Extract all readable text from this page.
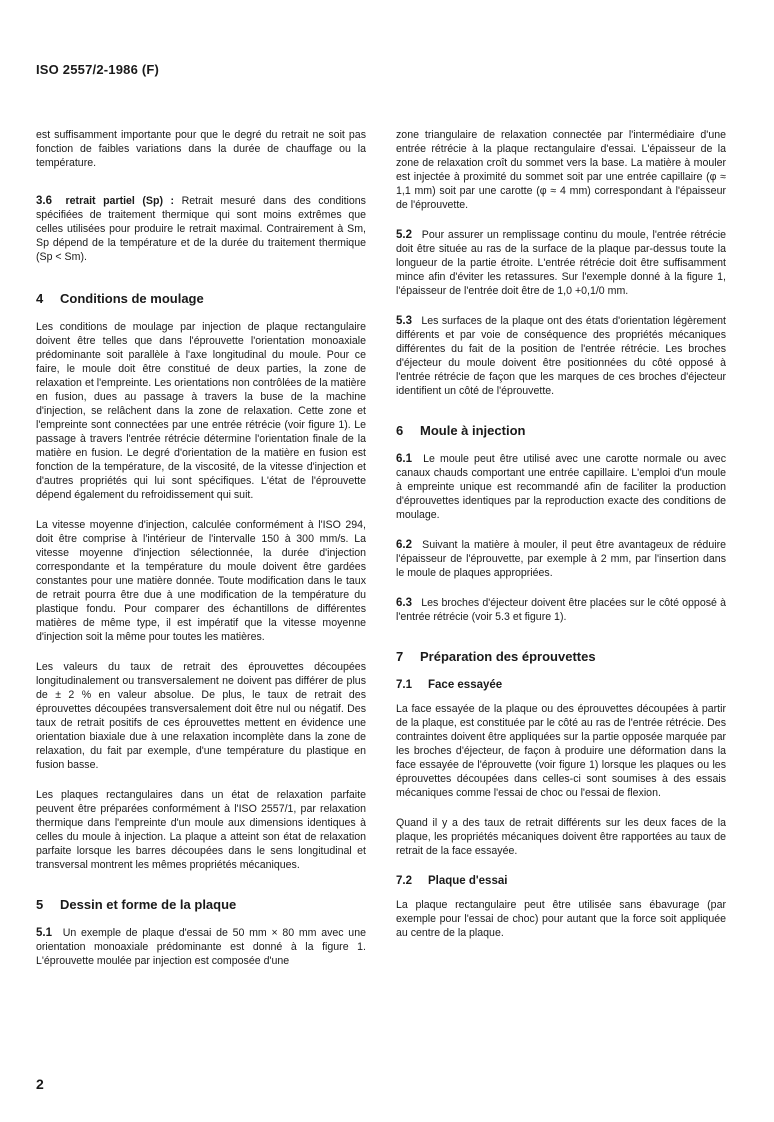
ISO 2557/2-1986 (F)

est suffisamment importante pour que le degré du retrait ne soit pas fonction de faibles variations dans la durée de chauffage ou la température.

3.6 retrait partiel (Sp) : Retrait mesuré dans des conditions spécifiées de traitement thermique qui sont moins extrêmes que celles utilisées pour produire le retrait maximal. Contrairement à Sm, Sp dépend de la température et de la durée du traitement thermique (Sp < Sm).

4 Conditions de moulage

Les conditions de moulage par injection de plaque rectangulaire doivent être telles que dans l'éprouvette l'orientation monoaxiale prédominante soit parallèle à l'axe longitudinal du moule. Pour ce faire, le moule doit être constitué de deux parties, la zone de relaxation et l'empreinte. Les orientations non contrôlées de la matière en fusion, dues au passage à travers la buse de la machine d'injection, se relâchent dans la zone de relaxation. Cette zone et l'empreinte sont connectées par une entrée rétrécie (voir figure 1). Le passage à travers l'entrée rétrécie détermine l'orientation finale de la matière en fusion. Le degré d'orientation de la matière en fusion est fonction de la température, de la viscosité, de la vitesse d'injection et d'autres propriétés qui lui sont spécifiques. L'état de l'éprouvette dépend également du refroidissement qui suit.

La vitesse moyenne d'injection, calculée conformément à l'ISO 294, doit être comprise à l'intérieur de l'intervalle 150 à 300 mm/s. La vitesse moyenne d'injection sélectionnée, la durée d'injection correspondante et la température du moule doivent être gardées constantes pour une matière donnée. Toute modification dans le taux de retrait pourra être due à une modification de la température du plastique fondu. Pour comparer des échantillons de différentes matières de même type, il est impératif que la vitesse moyenne d'injection soit la même pour toutes les matières.

Les valeurs du taux de retrait des éprouvettes découpées longitudinalement ou transversalement ne doivent pas différer de plus de ± 2 % en valeur absolue. De plus, le taux de retrait des éprouvettes découpées transversalement doit être nul ou négatif. Des taux de retrait positifs de ces éprouvettes mettent en évidence une orientation biaxiale due à une relaxation incomplète dans la zone de relaxation, du fait par exemple, d'une température du plastique en fusion basse.

Les plaques rectangulaires dans un état de relaxation parfaite peuvent être préparées conformément à l'ISO 2557/1, par relaxation thermique dans l'empreinte d'un moule aux dimensions identiques à celles du moule à injection. La plaque a atteint son état de relaxation parfaite lorsque les barres découpées dans le sens longitudinal et transversal montrent les mêmes propriétés mécaniques.

5 Dessin et forme de la plaque

5.1 Un exemple de plaque d'essai de 50 mm × 80 mm avec une orientation monoaxiale prédominante est donné à la figure 1. L'éprouvette moulée par injection est composée d'une

zone triangulaire de relaxation connectée par l'intermédiaire d'une entrée rétrécie à la plaque rectangulaire d'essai. L'épaisseur de la zone de relaxation croît du sommet vers la base. La matière à mouler est injectée à proximité du sommet soit par une entrée capillaire (φ ≈ 1,1 mm) soit par une carotte (φ ≈ 4 mm) correspondant à l'épaisseur de l'éprouvette.

5.2 Pour assurer un remplissage continu du moule, l'entrée rétrécie doit être située au ras de la surface de la plaque par-dessus toute la longueur de la partie étroite. L'entrée rétrécie doit être suffisamment mince afin d'éviter les retassures. Sur l'exemple donné à la figure 1, l'épaisseur de l'entrée doit être de 1,0 +0,1/0 mm.

5.3 Les surfaces de la plaque ont des états d'orientation légèrement différents et par voie de conséquence des propriétés mécaniques différentes du fait de la position de l'entrée rétrécie. Les broches d'éjecteur du moule doivent être positionnées du côté opposé à l'entrée rétrécie de façon que les marques de ces broches d'éjecteur identifient un côté de l'éprouvette.

6 Moule à injection

6.1 Le moule peut être utilisé avec une carotte normale ou avec canaux chauds comportant une entrée capillaire. L'emploi d'un moule à empreinte unique est recommandé afin de faciliter la production d'éprouvettes identiques par la reproduction exacte des conditions de moulage.

6.2 Suivant la matière à mouler, il peut être avantageux de réduire l'épaisseur de l'éprouvette, par exemple à 2 mm, par l'insertion dans le moule de plaques appropriées.

6.3 Les broches d'éjecteur doivent être placées sur le côté opposé à l'entrée rétrécie (voir 5.3 et figure 1).

7 Préparation des éprouvettes
7.1 Face essayée

La face essayée de la plaque ou des éprouvettes découpées à partir de la plaque, est constituée par le côté au ras de l'entrée rétrécie. Des contraintes doivent être appliquées sur la partie opposée marquée par les broches d'éjecteur, de façon à produire une déformation dans la face essayée de l'éprouvette (voir figure 1) lorsque les plaques ou les éprouvettes découpées dans celles-ci sont soumises à des essais mécaniques comme l'essai de choc ou l'essai de flexion.

Quand il y a des taux de retrait différents sur les deux faces de la plaque, les propriétés mécaniques doivent être rapportées au taux de retrait de la face essayée.

7.2 Plaque d'essai

La plaque rectangulaire peut être utilisée sans ébavurage (par exemple pour l'essai de choc) pour autant que la force soit appliquée au centre de la plaque.

2
